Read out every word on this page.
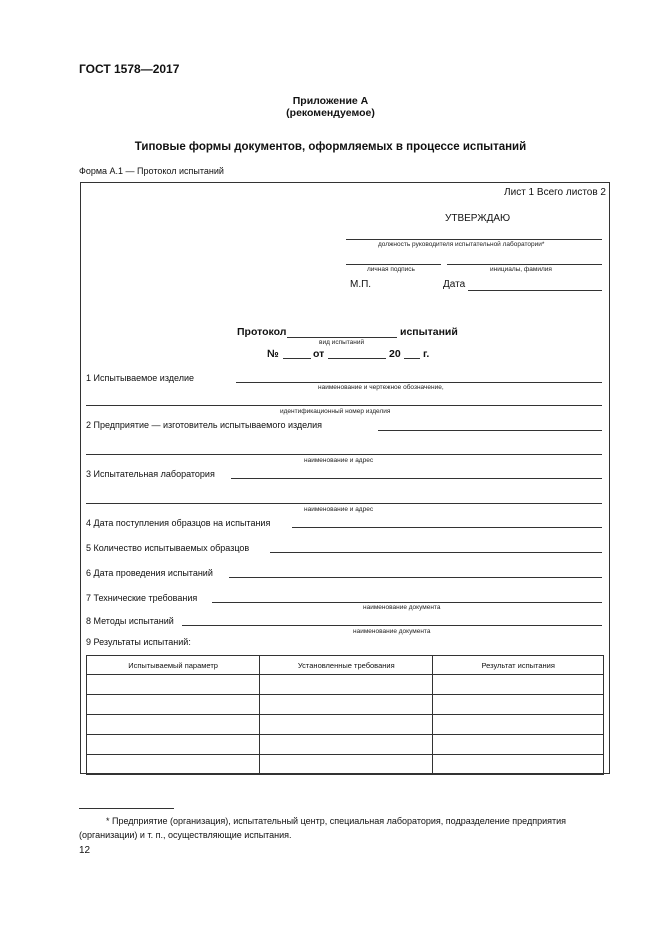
ГОСТ 1578—2017
Приложение А
(рекомендуемое)
Типовые формы документов, оформляемых в процессе испытаний
Форма А.1 — Протокол испытаний
Лист 1 Всего листов 2
УТВЕРЖДАЮ
должность руководителя испытательной лаборатории*
личная подпись	инициалы, фамилия
М.П.	Дата
Протокол	испытаний
вид испытаний
№	от	20 г.
1 Испытываемое изделие
наименование и чертежное обозначение,
идентификационный номер изделия
2 Предприятие — изготовитель испытываемого изделия
наименование и адрес
3 Испытательная лаборатория
наименование и адрес
4 Дата поступления образцов на испытания
5 Количество испытываемых образцов
6 Дата проведения испытаний
7 Технические требования
наименование документа
8 Методы испытаний
наименование документа
9 Результаты испытаний:
Испытываемый параметр	Установленные требования	Результат испытания

* Предприятие (организация), испытательный центр, специальная лаборатория, подразделение предприятия
(организации) и т. п., осуществляющие испытания.
12
